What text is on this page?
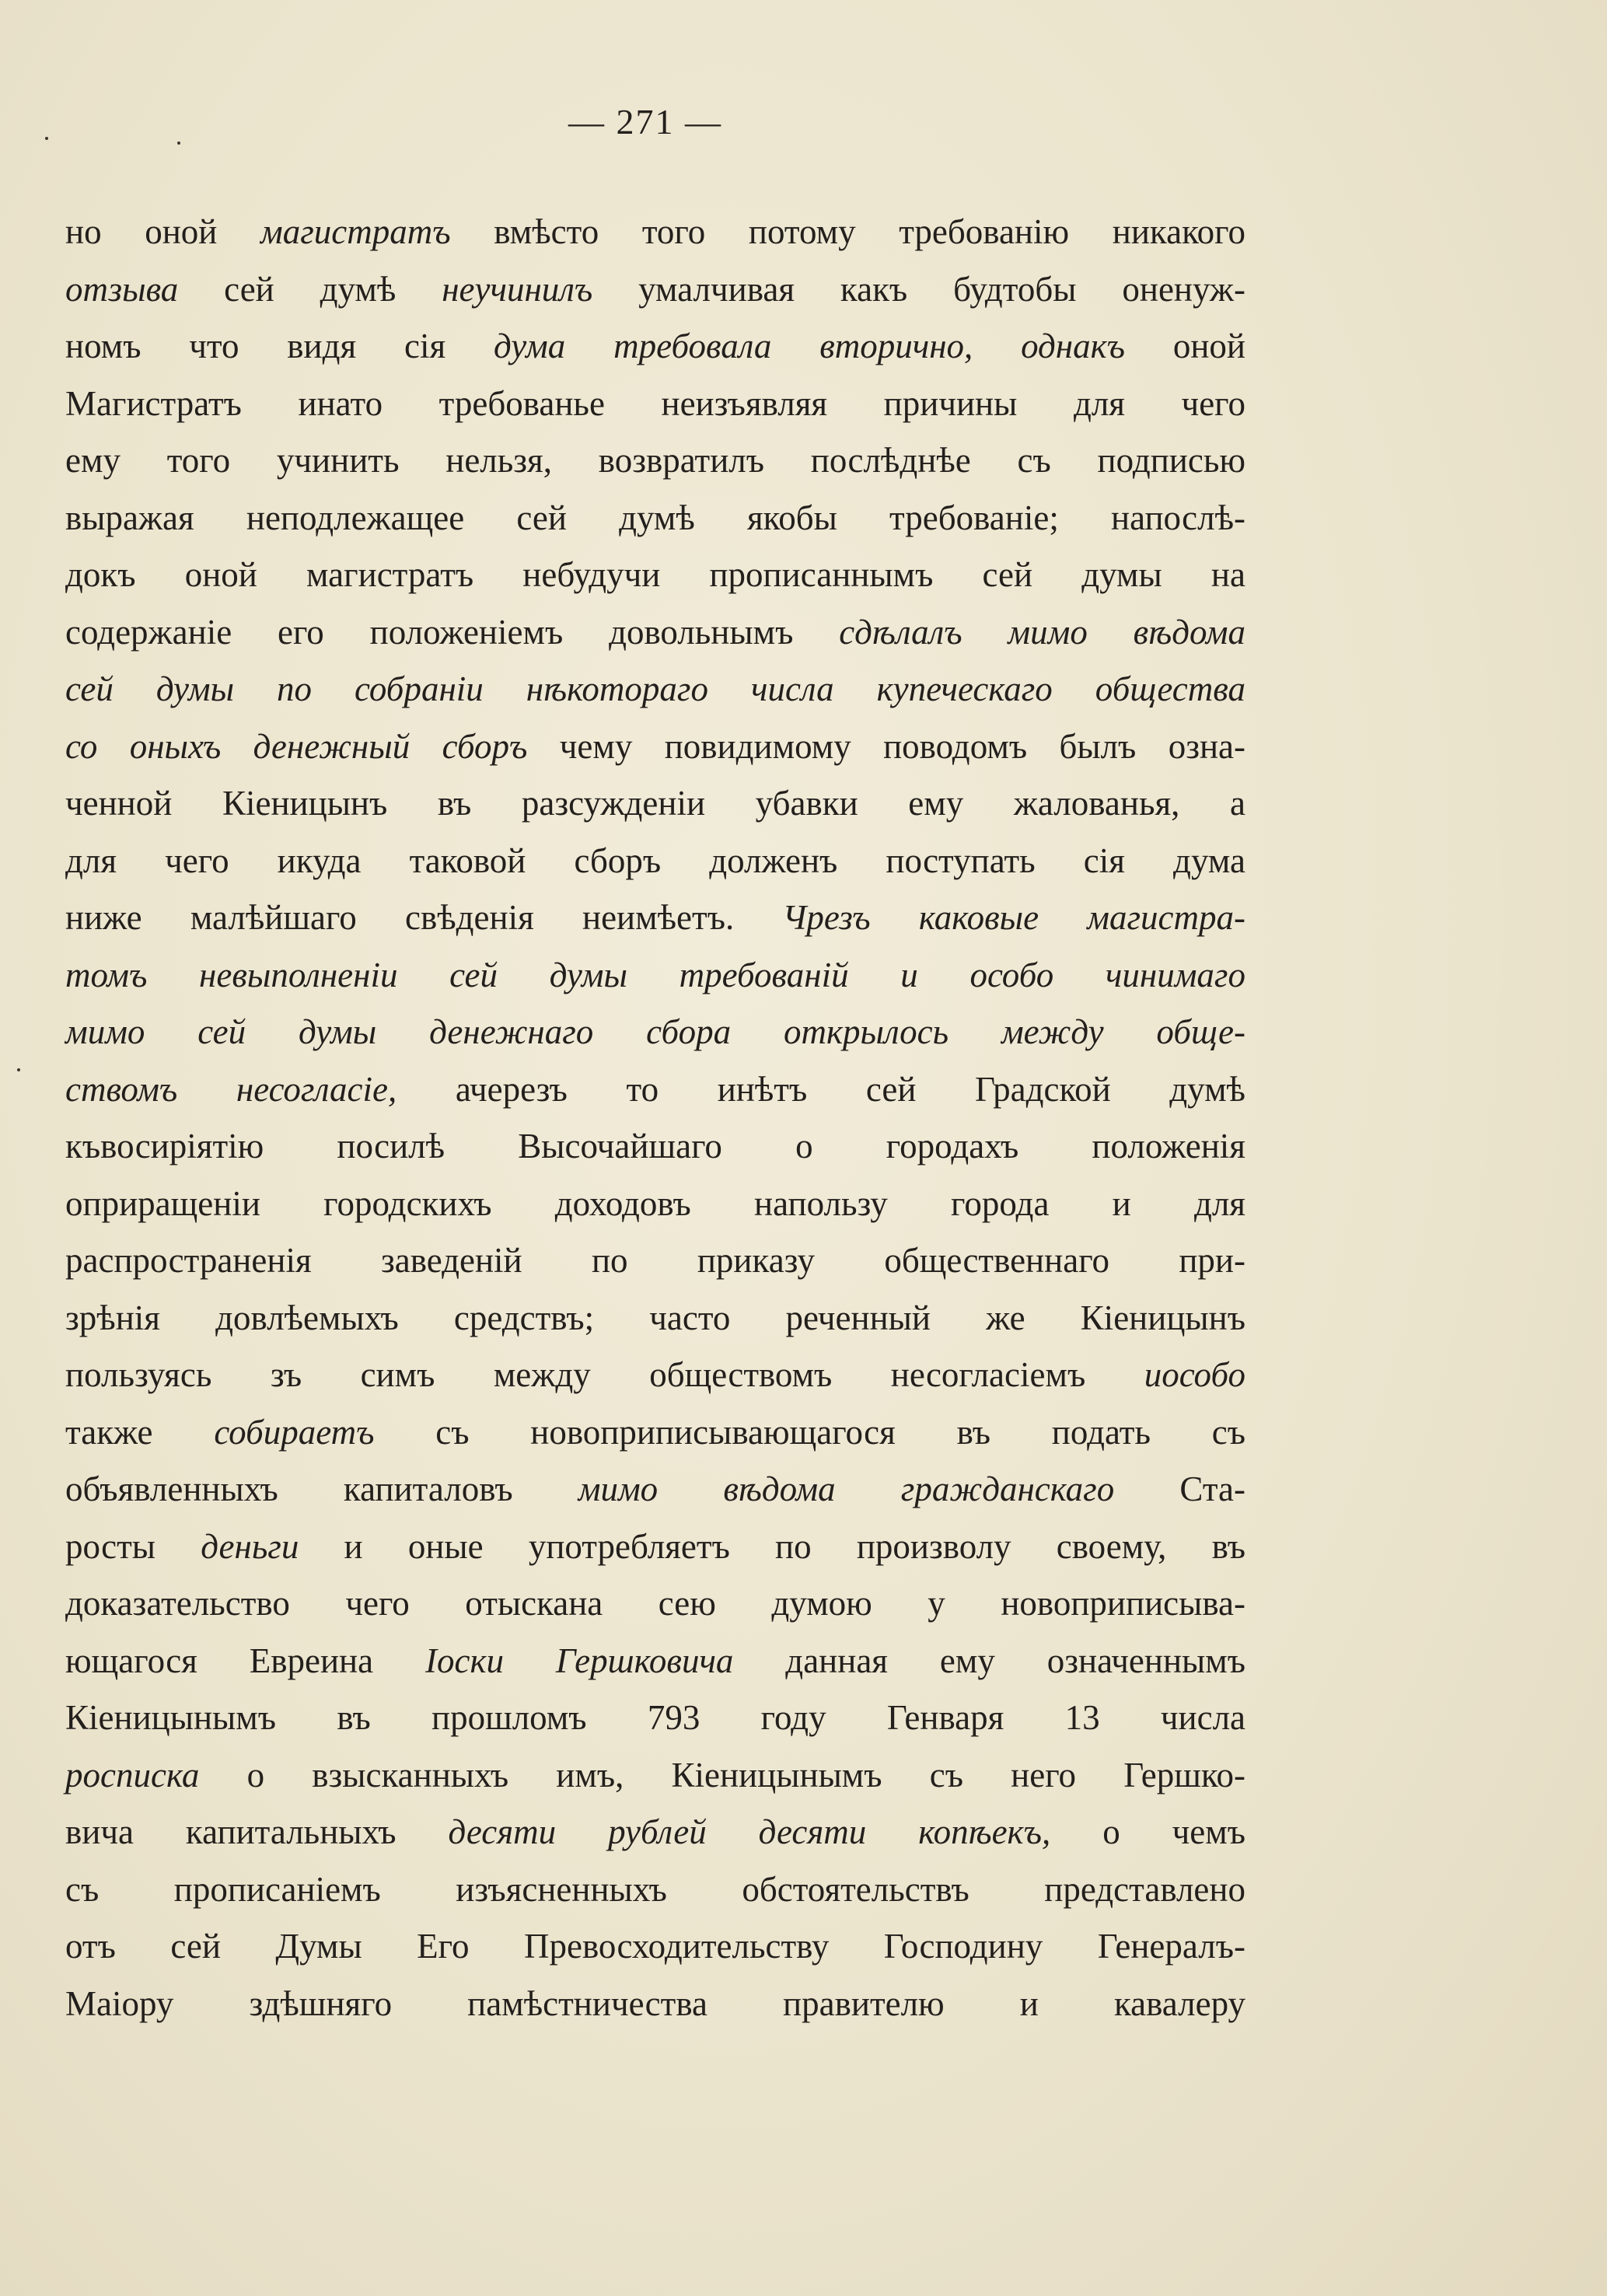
— 271 —
но оной магистратъ вмѣсто того потому требованію никакого
отзыва сей думѣ неучинилъ умалчивая какъ будтобы оненуж-
номъ что видя сія дума требовала вторично, однакъ оной
Магистратъ инато требованье неизъявляя причины для чего
ему того учинить нельзя, возвратилъ послѣднѣе съ подписью
выражая неподлежащее сей думѣ якобы требованіе; напослѣ-
докъ оной магистратъ небудучи прописаннымъ сей думы на
содержаніе его положеніемъ довольнымъ сдѣлалъ мимо вѣдома
сей думы по собраніи нѣкотораго числа купеческаго общества
со оныхъ денежный сборъ чему повидимому поводомъ былъ озна-
ченной Кіеницынъ въ разсужденіи убавки ему жалованья, а
для чего икуда таковой сборъ долженъ поступать сія дума
ниже малѣйшаго свѣденія неимѣетъ. Чрезъ каковые магистра-
томъ невыполненіи сей думы требованій и особо чинимаго
мимо сей думы денежнаго сбора открылось между обще-
ствомъ несогласіе, ачерезъ то инѣтъ сей Градской думѣ
къвосиріятію посилѣ Высочайшаго о городахъ положенія
оприращеніи городскихъ доходовъ напользу города и для
распространенія заведеній по приказу общественнаго при-
зрѣнія довлѣемыхъ средствъ; часто реченный же Кіеницынъ
пользуясь зъ симъ между обществомъ несогласіемъ иособо
также собираетъ съ новоприписывающагося въ подать съ
объявленныхъ капиталовъ мимо вѣдома гражданскаго Ста-
росты деньги и оные употребляетъ по произволу своему, въ
доказательство чего отыскана сею думою у новоприписыва-
ющагося Евреина Іоски Гершковича данная ему означеннымъ
Кіеницынымъ въ прошломъ 793 году Генваря 13 числа
росписка о взысканныхъ имъ, Кіеницынымъ съ него Гершко-
вича капитальныхъ десяти рублей десяти копѣекъ, о чемъ
съ прописаніемъ изъясненныхъ обстоятельствъ представлено
отъ сей Думы Его Превосходительству Господину Генералъ-
Маіору здѣшняго памѣстничества правителю и кавалеру
